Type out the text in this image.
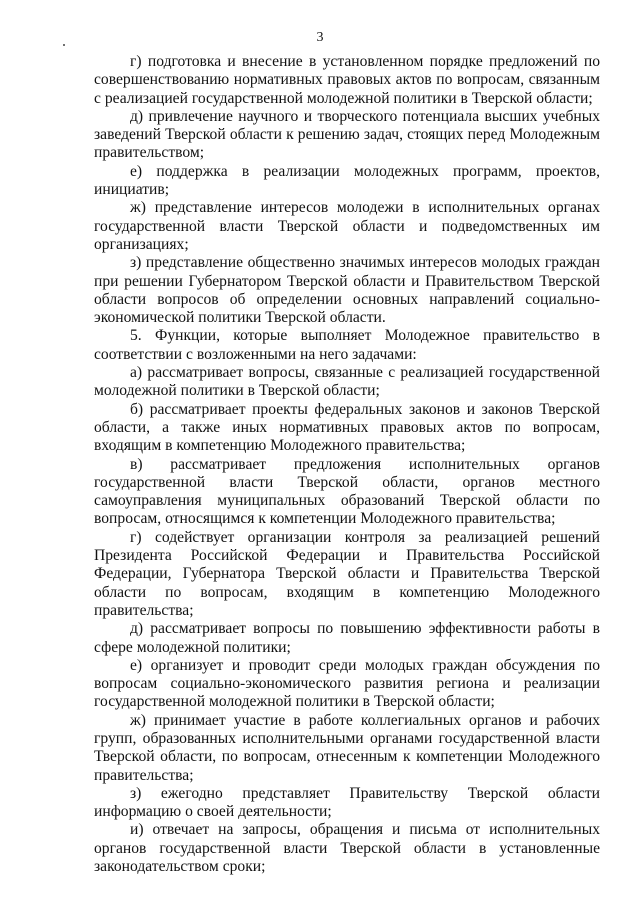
3

г) подготовка и внесение в установленном порядке предложений по совершенствованию нормативных правовых актов по вопросам, связанным с реализацией государственной молодежной политики в Тверской области;

д) привлечение научного и творческого потенциала высших учебных заведений Тверской области к решению задач, стоящих перед Молодежным правительством;

е) поддержка в реализации молодежных программ, проектов, инициатив;

ж) представление интересов молодежи в исполнительных органах государственной власти Тверской области и подведомственных им организациях;

з) представление общественно значимых интересов молодых граждан при решении Губернатором Тверской области и Правительством Тверской области вопросов об определении основных направлений социально-экономической политики Тверской области.

5. Функции, которые выполняет Молодежное правительство в соответствии с возложенными на него задачами:

а) рассматривает вопросы, связанные с реализацией государственной молодежной политики в Тверской области;

б) рассматривает проекты федеральных законов и законов Тверской области, а также иных нормативных правовых актов по вопросам, входящим в компетенцию Молодежного правительства;

в) рассматривает предложения исполнительных органов государственной власти Тверской области, органов местного самоуправления муниципальных образований Тверской области по вопросам, относящимся к компетенции Молодежного правительства;

г) содействует организации контроля за реализацией решений Президента Российской Федерации и Правительства Российской Федерации, Губернатора Тверской области и Правительства Тверской области по вопросам, входящим в компетенцию Молодежного правительства;

д) рассматривает вопросы по повышению эффективности работы в сфере молодежной политики;

е) организует и проводит среди молодых граждан обсуждения по вопросам социально-экономического развития региона и реализации государственной молодежной политики в Тверской области;

ж) принимает участие в работе коллегиальных органов и рабочих групп, образованных исполнительными органами государственной власти Тверской области, по вопросам, отнесенным к компетенции Молодежного правительства;

з) ежегодно представляет Правительству Тверской области информацию о своей деятельности;

и) отвечает на запросы, обращения и письма от исполнительных органов государственной власти Тверской области в установленные законодательством сроки;
